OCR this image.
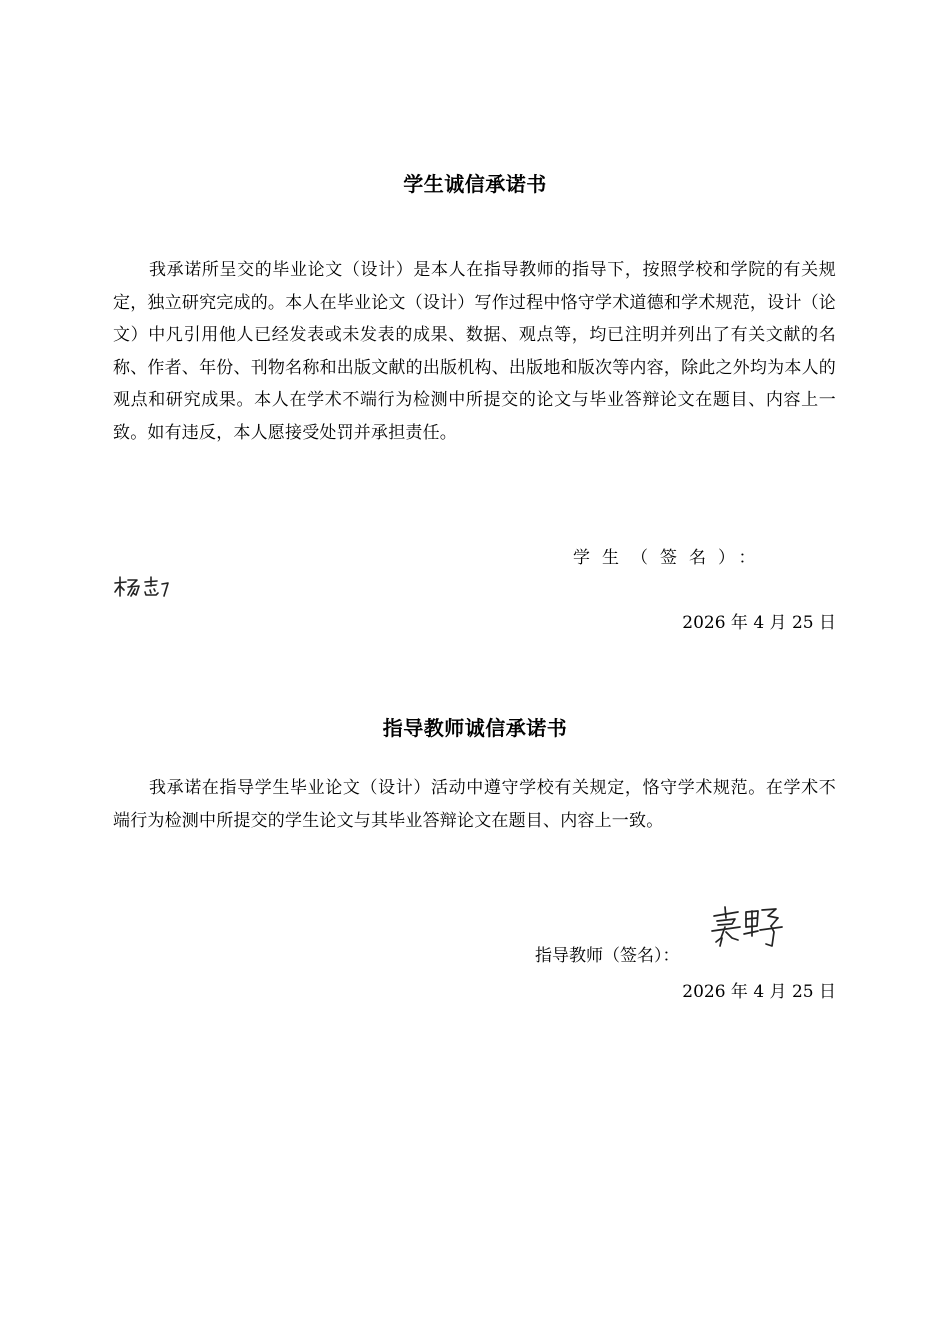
学生诚信承诺书

我承诺所呈交的毕业论文（设计）是本人在指导教师的指导下，按照学校和学院的有关规定，独立研究完成的。本人在毕业论文（设计）写作过程中恪守学术道德和学术规范，设计（论文）中凡引用他人已经发表或未发表的成果、数据、观点等，均已注明并列出了有关文献的名称、作者、年份、刊物名称和出版文献的出版机构、出版地和版次等内容，除此之外均为本人的观点和研究成果。本人在学术不端行为检测中所提交的论文与毕业答辩论文在题目、内容上一致。如有违反，本人愿接受处罚并承担责任。

学生（签名）：
2026 年 4 月 25 日
指导教师诚信承诺书

我承诺在指导学生毕业论文（设计）活动中遵守学校有关规定，恪守学术规范。在学术不端行为检测中所提交的学生论文与其毕业答辩论文在题目、内容上一致。

指导教师（签名）：
2026 年 4 月 25 日
